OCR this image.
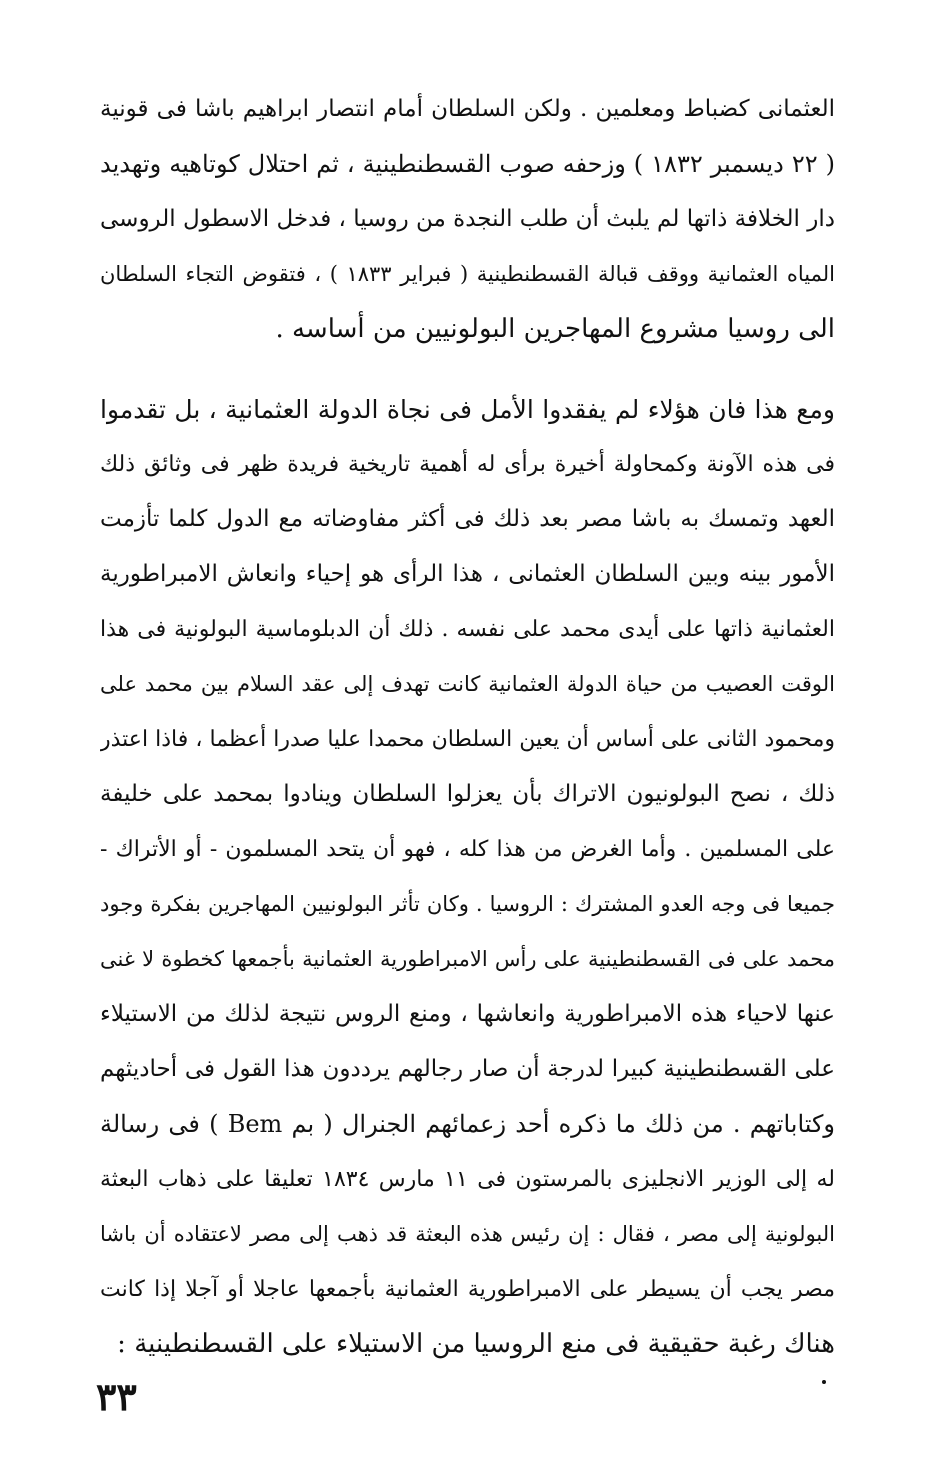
العثمانى كضباط ومعلمين . ولكن السلطان أمام انتصار ابراهيم باشا فى قونية
( ٢٢ ديسمبر ١٨٣٢ ) وزحفه صوب القسطنطينية ، ثم احتلال كوتاهيه وتهديد
دار الخلافة ذاتها لم يلبث أن طلب النجدة من روسيا ، فدخل الاسطول الروسى
المياه العثمانية ووقف قبالة القسطنطينية ( فبراير ١٨٣٣ ) ، فتقوض التجاء السلطان
الى روسيا مشروع المهاجرين البولونيين من أساسه .
ومع هذا فان هؤلاء لم يفقدوا الأمل فى نجاة الدولة العثمانية ، بل تقدموا
فى هذه الآونة وكمحاولة أخيرة برأى له أهمية تاريخية فريدة ظهر فى وثائق ذلك
العهد وتمسك به باشا مصر بعد ذلك فى أكثر مفاوضاته مع الدول كلما تأزمت
الأمور بينه وبين السلطان العثمانى ، هذا الرأى هو إحياء وانعاش الامبراطورية
العثمانية ذاتها على أيدى محمد على نفسه . ذلك أن الدبلوماسية البولونية فى هذا
الوقت العصيب من حياة الدولة العثمانية كانت تهدف إلى عقد السلام بين محمد على
ومحمود الثانى على أساس أن يعين السلطان محمدا عليا صدرا أعظما ، فاذا اعتذر
ذلك ، نصح البولونيون الاتراك بأن يعزلوا السلطان وينادوا بمحمد على خليفة
على المسلمين . وأما الغرض من هذا كله ، فهو أن يتحد المسلمون - أو الأتراك -
جميعا فى وجه العدو المشترك : الروسيا . وكان تأثر البولونيين المهاجرين بفكرة وجود
محمد على فى القسطنطينية على رأس الامبراطورية العثمانية بأجمعها كخطوة لا غنى
عنها لاحياء هذه الامبراطورية وانعاشها ، ومنع الروس نتيجة لذلك من الاستيلاء
على القسطنطينية كبيرا لدرجة أن صار رجالهم يرددون هذا القول فى أحاديثهم
وكتاباتهم . من ذلك ما ذكره أحد زعمائهم الجنرال ( بم Bem ) فى رسالة
له إلى الوزير الانجليزى بالمرستون فى ١١ مارس ١٨٣٤ تعليقا على ذهاب البعثة
البولونية إلى مصر ، فقال : إن رئيس هذه البعثة قد ذهب إلى مصر لاعتقاده أن باشا
مصر يجب أن يسيطر على الامبراطورية العثمانية بأجمعها عاجلا أو آجلا إذا كانت
هناك رغبة حقيقية فى منع الروسيا من الاستيلاء على القسطنطينية :
٣٣
